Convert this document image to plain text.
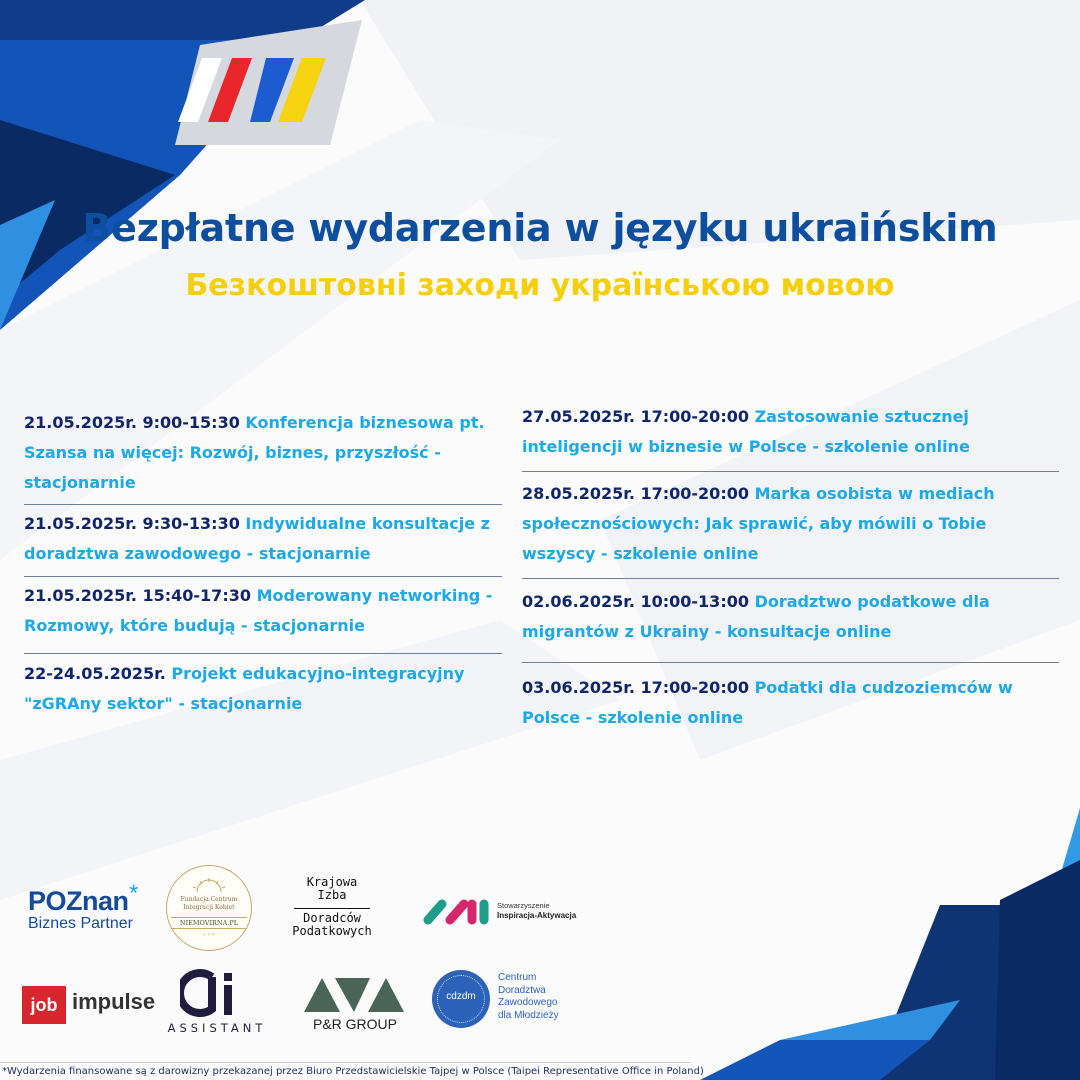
Bezpłatne wydarzenia w języku ukraińskim
Безкоштовні заходи українською мовою
21.05.2025r. 9:00-15:30 Konferencja biznesowa pt. Szansa na więcej: Rozwój, biznes, przyszłość - stacjonarnie
21.05.2025r. 9:30-13:30 Indywidualne konsultacje z doradztwa zawodowego - stacjonarnie
21.05.2025r. 15:40-17:30 Moderowany networking - Rozmowy, które budują - stacjonarnie
22-24.05.2025r. Projekt edukacyjno-integracyjny "zGRAny sektor" - stacjonarnie
27.05.2025r. 17:00-20:00 Zastosowanie sztucznej inteligencji w biznesie w Polsce - szkolenie online
28.05.2025r. 17:00-20:00 Marka osobista w mediach społecznościowych: Jak sprawić, aby mówili o Tobie wszyscy - szkolenie online
02.06.2025r. 10:00-13:00 Doradztwo podatkowe dla migrantów z Ukrainy - konsultacje online
03.06.2025r. 17:00-20:00 Podatki dla cudzoziemców w Polsce - szkolenie online
POZnan *
Biznes Partner
Fundacja Centrum
Integracji Kobiet
NIEMOVIRNA.PL
• • •
Krajowa
Izba
Doradców
Podatkowych
Stowarzyszenie
Inspiracja-Aktywacja
job impulse
ASSISTANT	P&R GROUP
cdzdm
Centrum
Doradztwa
Zawodowego
dla Młodzieży
*Wydarzenia finansowane są z darowizny przekazanej przez Biuro Przedstawicielskie Tajpej w Polsce (Taipei Representative Office in Poland)
